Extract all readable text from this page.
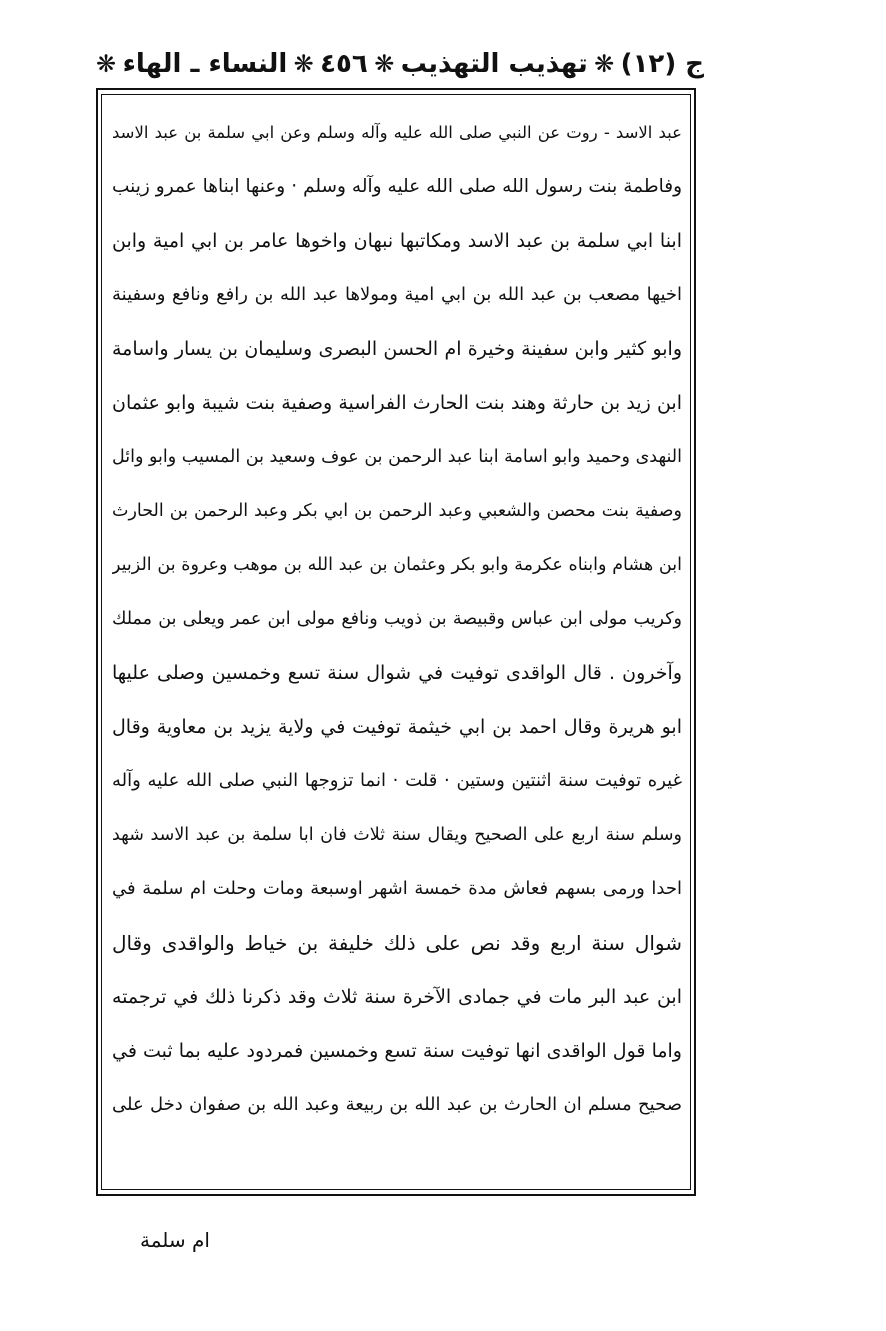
ج (١٢)
❋
تهذيب التهذيب
❋
٤٥٦
❋
النساء ـ الهاء
❋
عبد الاسد - روت عن النبي صلى الله عليه وآله وسلم وعن ابي سلمة بن عبد الاسد
وفاطمة بنت رسول الله صلى الله عليه وآله وسلم · وعنها ابناها عمرو زينب
ابنا ابي سلمة بن عبد الاسد ومكاتبها نبهان واخوها عامر بن ابي امية وابن
اخيها مصعب بن عبد الله بن ابي امية ومولاها عبد الله بن رافع ونافع وسفينة
وابو كثير وابن سفينة وخيرة ام الحسن البصرى وسليمان بن يسار واسامة
ابن زيد بن حارثة وهند بنت الحارث الفراسية وصفية بنت شيبة وابو عثمان
النهدى وحميد وابو اسامة ابنا عبد الرحمن بن عوف وسعيد بن المسيب وابو وائل
وصفية بنت محصن والشعبي وعبد الرحمن بن ابي بكر وعبد الرحمن بن الحارث
ابن هشام وابناه عكرمة وابو بكر وعثمان بن عبد الله بن موهب وعروة بن الزبير
وكريب مولى ابن عباس وقبيصة بن ذويب ونافع مولى ابن عمر ويعلى بن مملك
وآخرون . قال الواقدى توفيت في شوال سنة تسع وخمسين وصلى عليها
ابو هريرة وقال احمد بن ابي خيثمة توفيت في ولاية يزيد بن معاوية وقال
غيره توفيت سنة اثنتين وستين · قلت · انما تزوجها النبي صلى الله عليه وآله
وسلم سنة اربع على الصحيح ويقال سنة ثلاث فان ابا سلمة بن عبد الاسد شهد
احدا ورمى بسهم فعاش مدة خمسة اشهر اوسبعة ومات وحلت ام سلمة في
شوال سنة اربع وقد نص على ذلك خليفة بن خياط والواقدى وقال
ابن عبد البر مات في جمادى الآخرة سنة ثلاث وقد ذكرنا ذلك في ترجمته
واما قول الواقدى انها توفيت سنة تسع وخمسين فمردود عليه بما ثبت في
صحيح مسلم ان الحارث بن عبد الله بن ربيعة وعبد الله بن صفوان دخل على
ام سلمة
